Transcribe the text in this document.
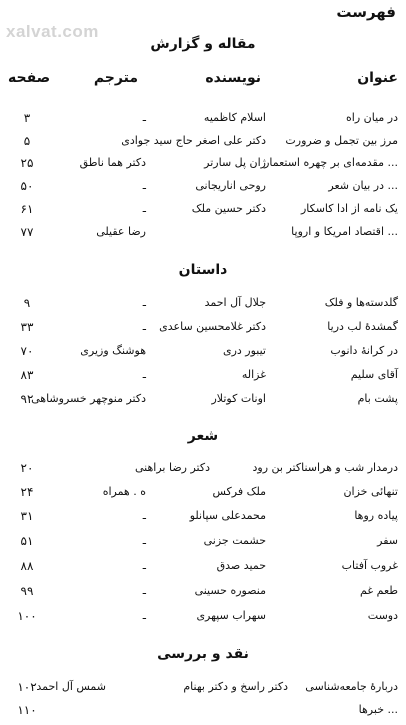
xalvat.com
فهرست
مقاله و گزارش
عنوان
نویسنده
مترجم
صفحه
در میان راه
اسلام کاظمیه
ـ
۳
مرز بین تجمل و ضرورت
دکتر علی اصغر حاج سید جوادی
۵
مقدمه‌ای بر چهره استعمار ...
ژان پل سارتر
دکتر هما ناطق
۲۵
در بیان شعر ...
روحی اناریجانی
ـ
۵۰
یک نامه از ادا کاسکار
دکتر حسین ملک
ـ
۶۱
اقتصاد امریکا و اروپا ...
رضا عقیلی
۷۷
داستان
گلدسته‌ها و فلک
جلال آل احمد
ـ
۹
گمشدهٔ لب دریا
دکتر غلامحسین ساعدی
ـ
۳۳
در کرانهٔ دانوب
تیبور دری
هوشنگ وزیری
۷۰
آقای سلیم
غزاله
ـ
۸۳
پشت بام
اونات کوتلار
دکتر منوچهر خسروشاهی
۹۲
شعر
درمدار شب و هراسناکتر بن رود
دکتر رضا براهنی
۲۰
تنهائی خزان
ملک فرکس
ه . همراه
۲۴
پیاده روها
محمدعلی سپانلو
ـ
۳۱
سفر
حشمت جزنی
ـ
۵۱
غروب آفتاب
حمید صدق
ـ
۸۸
طعم غم
منصوره حسینی
ـ
۹۹
دوست
سهراب سپهری
ـ
۱۰۰
نقد و بررسی
دربارهٔ جامعه‌شناسی
دکتر راسخ و دکتر بهنام
شمس آل احمد
۱۰۲
خبرها ...
۱۱۰
